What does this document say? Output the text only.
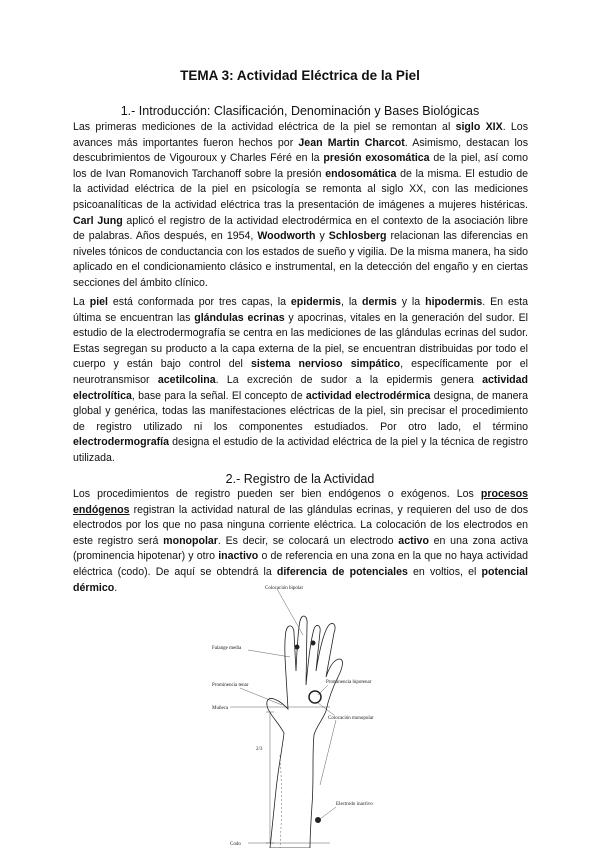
TEMA 3: Actividad Eléctrica de la Piel
1.- Introducción: Clasificación, Denominación y Bases Biológicas

Las primeras mediciones de la actividad eléctrica de la piel se remontan al siglo XIX. Los avances más importantes fueron hechos por Jean Martin Charcot. Asimismo, destacan los descubrimientos de Vigouroux y Charles Féré en la presión exosomática de la piel, así como los de Ivan Romanovich Tarchanoff sobre la presión endosomática de la misma. El estudio de la actividad eléctrica de la piel en psicología se remonta al siglo XX, con las mediciones psicoanalíticas de la actividad eléctrica tras la presentación de imágenes a mujeres histéricas. Carl Jung aplicó el registro de la actividad electrodérmica en el contexto de la asociación libre de palabras. Años después, en 1954, Woodworth y Schlosberg relacionan las diferencias en niveles tónicos de conductancia con los estados de sueño y vigilia. De la misma manera, ha sido aplicado en el condicionamiento clásico e instrumental, en la detección del engaño y en ciertas secciones del ámbito clínico.

La piel está conformada por tres capas, la epidermis, la dermis y la hipodermis. En esta última se encuentran las glándulas ecrinas y apocrinas, vitales en la generación del sudor. El estudio de la electrodermografía se centra en las mediciones de las glándulas ecrinas del sudor. Estas segregan su producto a la capa externa de la piel, se encuentran distribuidas por todo el cuerpo y están bajo control del sistema nervioso simpático, específicamente por el neurotransmisor acetilcolina. La excreción de sudor a la epidermis genera actividad electrolítica, base para la señal. El concepto de actividad electrodérmica designa, de manera global y genérica, todas las manifestaciones eléctricas de la piel, sin precisar el procedimiento de registro utilizado ni los componentes estudiados. Por otro lado, el término electrodermografía designa el estudio de la actividad eléctrica de la piel y la técnica de registro utilizada.

2.- Registro de la Actividad

Los procedimientos de registro pueden ser bien endógenos o exógenos. Los procesos endógenos registran la actividad natural de las glándulas ecrinas, y requieren del uso de dos electrodos por los que no pasa ninguna corriente eléctrica. La colocación de los electrodos en este registro será monopolar. Es decir, se colocará un electrodo activo en una zona activa (prominencia hipotenar) y otro inactivo o de referencia en una zona en la que no haya actividad eléctrica (codo). De aquí se obtendrá la diferencia de potenciales en voltios, el potencial dérmico.	Colocación bipolar
Falange media
Prominencia tenar
Prominencia hipotenar
Muñeca
Colocación monopolar
2/3
Electrodo inactivo
Codo
